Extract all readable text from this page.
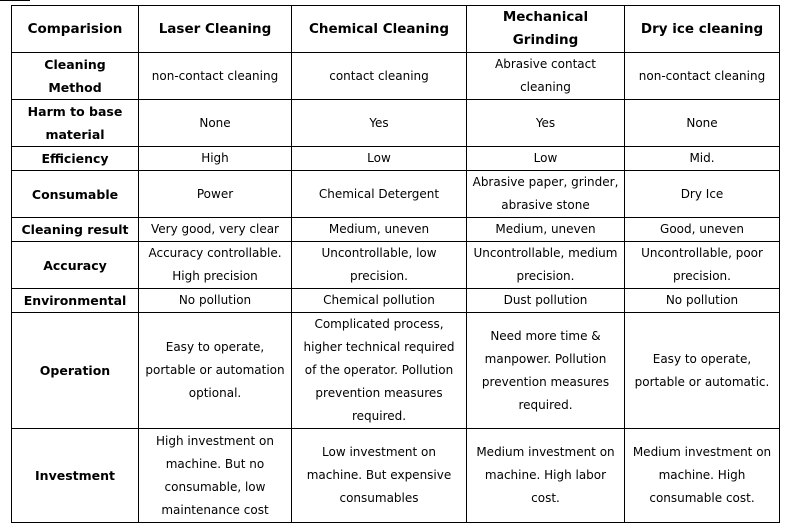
Comparision	Laser Cleaning	Chemical Cleaning	Mechanical Grinding	Dry ice cleaning
Cleaning Method	non-contact cleaning	contact cleaning	Abrasive contact cleaning	non-contact cleaning
Harm to base material	None	Yes	Yes	None
Efficiency	High	Low	Low	Mid.
Consumable	Power	Chemical Detergent	Abrasive paper, grinder, abrasive stone	Dry Ice
Cleaning result	Very good, very clear	Medium, uneven	Medium, uneven	Good, uneven
Accuracy	Accuracy controllable. High precision	Uncontrollable, low precision.	Uncontrollable, medium precision.	Uncontrollable, poor precision.
Environmental	No pollution	Chemical pollution	Dust pollution	No pollution
Operation	Easy to operate, portable or automation optional.	Complicated process, higher technical required of the operator. Pollution prevention measures required.	Need more time & manpower. Pollution prevention measures required.	Easy to operate, portable or automatic.
Investment	High investment on machine. But no consumable, low maintenance cost	Low investment on machine. But expensive consumables	Medium investment on machine. High labor cost.	Medium investment on machine. High consumable cost.
